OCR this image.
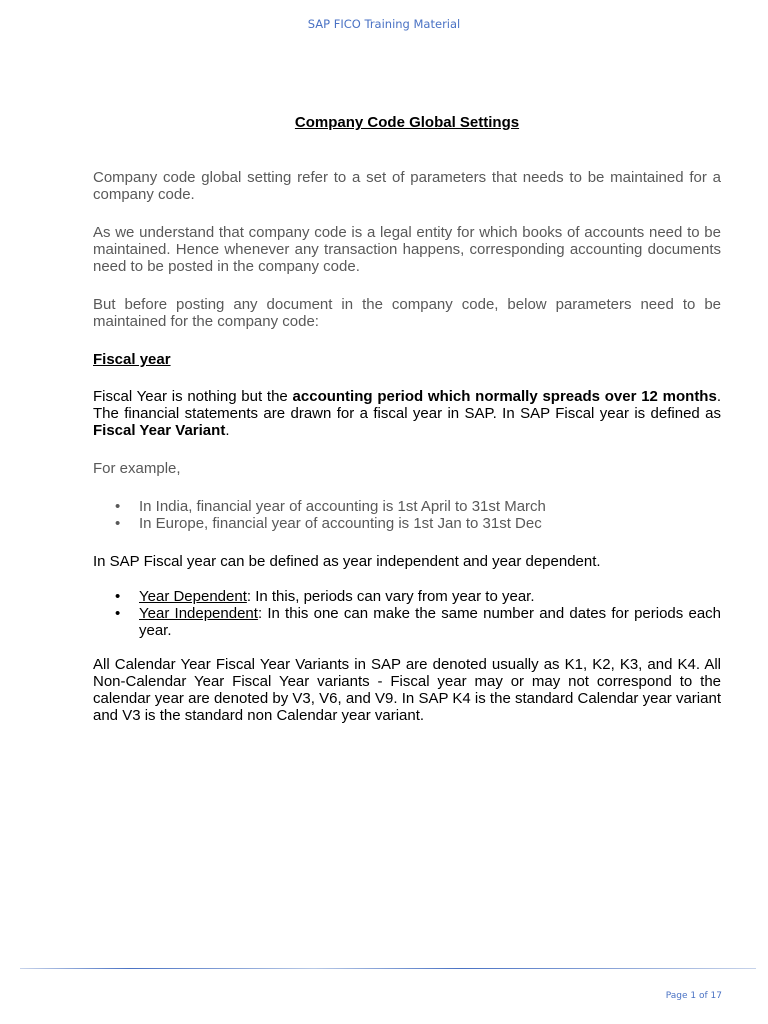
SAP FICO Training Material
Company Code Global Settings

Company code global setting refer to a set of parameters that needs to be maintained for a company code.

As we understand that company code is a legal entity for which books of accounts need to be maintained. Hence whenever any transaction happens, corresponding accounting documents need to be posted in the company code.

But before posting any document in the company code, below parameters need to be maintained for the company code:

Fiscal year

Fiscal Year is nothing but the accounting period which normally spreads over 12 months. The financial statements are drawn for a fiscal year in SAP. In SAP Fiscal year is defined as Fiscal Year Variant.

For example,

• In India, financial year of accounting is 1st April to 31st March
• In Europe, financial year of accounting is 1st Jan to 31st Dec

In SAP Fiscal year can be defined as year independent and year dependent.

• Year Dependent: In this, periods can vary from year to year.
• Year Independent: In this one can make the same number and dates for periods each year.

All Calendar Year Fiscal Year Variants in SAP are denoted usually as K1, K2, K3, and K4. All Non-Calendar Year Fiscal Year variants - Fiscal year may or may not correspond to the calendar year are denoted by V3, V6, and V9. In SAP K4 is the standard Calendar year variant and V3 is the standard non Calendar year variant.

Page 1 of 17
